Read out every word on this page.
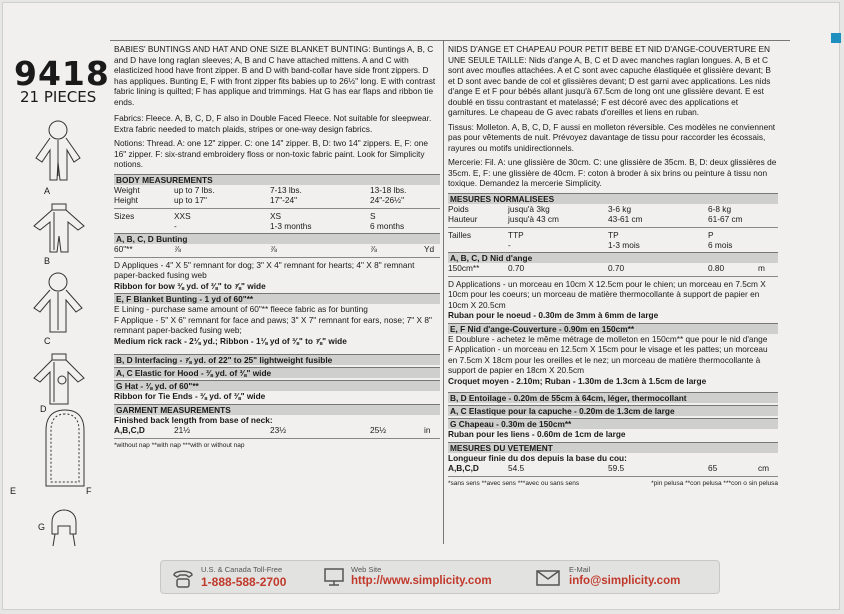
9418
21 PIECES
A
B
C
D
E	F
G
BABIES' BUNTINGS AND HAT AND ONE SIZE BLANKET BUNTING: Buntings A, B, C and D have long raglan sleeves; A, B and C have attached mittens. A and C with elasticized hood have front zipper. B and D with band-collar have side front zippers. D has appliques. Bunting E, F with front zipper fits babies up to 26½" long. E with contrast fabric lining is quilted; F has applique and trimmings. Hat G has ear flaps and ribbon tie ends.
Fabrics: Fleece. A, B, C, D, F also in Double Faced Fleece. Not suitable for sleepwear. Extra fabric needed to match plaids, stripes or one-way design fabrics.
Notions: Thread. A: one 12" zipper. C: one 14" zipper. B, D: two 14" zippers. E, F: one 16" zipper. F: six-strand embroidery floss or non-toxic fabric paint. Look for Simplicity notions.
BODY MEASUREMENTS
Weight	up to 7 lbs.	7-13 lbs.	13-18 lbs.
Height	up to 17"	17"-24"	24"-26½"
Sizes	XXS	XS	S
	-	1-3 months	6 months
A, B, C, D Bunting
60"**	⅞	⅞	⅞	Yd
D Appliques - 4" X 5" remnant for dog; 3" X 4" remnant for hearts; 4" X 8" remnant paper-backed fusing web
Ribbon for bow ⅜ yd. of ⅜" to ⅞" wide
E, F Blanket Bunting - 1 yd of 60"**
E Lining - purchase same amount of 60"** fleece fabric as for bunting
F Applique - 5" X 6" remnant for face and paws; 3" X 7" remnant for ears, nose; 7" X 8" remnant paper-backed fusing web;
Medium rick rack - 2⅛ yd.; Ribbon - 1⅛ yd of ⅜" to ⅞" wide
B, D Interfacing - ⅞ yd. of 22" to 25" lightweight fusible
A, C Elastic for Hood - ⅜ yd. of ⅜" wide
G Hat - ⅜ yd. of 60"**
Ribbon for Tie Ends - ⅜ yd. of ⅜" wide
GARMENT MEASUREMENTS
Finished back length from base of neck:
A,B,C,D	21½	23½	25½	in
*without nap **with nap ***with or without nap
NIDS D'ANGE ET CHAPEAU POUR PETIT BEBE ET NID D'ANGE-COUVERTURE EN UNE SEULE TAILLE: Nids d'ange A, B, C et D avec manches raglan longues. A, B et C sont avec moufles attachées. A et C sont avec capuche élastiquée et glissière devant; B et D sont avec bande de col et glissières devant; D est garni avec applications. Les nids d'ange E et F pour bébés allant jusqu'à 67.5cm de long ont une glissière devant. E est doublé en tissu contrastant et matelassé; F est décoré avec des applications et garnitures. Le chapeau de G avec rabats d'oreilles et liens en ruban.
Tissus: Molleton. A, B, C, D, F aussi en molleton réversible. Ces modèles ne conviennent pas pour vêtements de nuit. Prévoyez davantage de tissu pour raccorder les écossais, rayures ou motifs unidirectionnels.
Mercerie: Fil. A: une glissière de 30cm. C: une glissière de 35cm. B, D: deux glissières de 35cm. E, F: une glissière de 40cm. F: coton à broder à six brins ou peinture à tissu non toxique. Demandez la mercerie Simplicity.
MESURES NORMALISEES
Poids	jusqu'à 3kg	3-6 kg	6-8 kg
Hauteur	jusqu'à 43 cm	43-61 cm	61-67 cm
Tailles	TTP	TP	P
	-	1-3 mois	6 mois
A, B, C, D Nid d'ange
150cm**	0.70	0.70	0.80	m
D Applications - un morceau en 10cm X 12.5cm pour le chien; un morceau en 7.5cm X 10cm pour les coeurs; un morceau de matière thermocollante à support de papier en 10cm X 20.5cm
Ruban pour le noeud - 0.30m de 3mm à 6mm de large
E, F Nid d'ange-Couverture - 0.90m en 150cm**
E Doublure - achetez le même métrage de molleton en 150cm** que pour le nid d'ange
F Application - un morceau en 12.5cm X 15cm pour le visage et les pattes; un morceau en 7.5cm X 18cm pour les oreilles et le nez; un morceau de matière thermocollante à support de papier en 18cm X 20.5cm
Croquet moyen - 2.10m; Ruban - 1.30m de 1.3cm à 1.5cm de large
B, D Entoilage - 0.20m de 55cm à 64cm, léger, thermocollant
A, C Elastique pour la capuche - 0.20m de 1.3cm de large
G Chapeau - 0.30m de 150cm**
Ruban pour les liens - 0.60m de 1cm de large
MESURES DU VETEMENT
Longueur finie du dos depuis la base du cou:
A,B,C,D	54.5	59.5	65	cm
*sans sens **avec sens ***avec ou sans sens	*pin pelusa **con pelusa ***con o sin pelusa
U.S. & Canada Toll-Free
1-888-588-2700
Web Site
http://www.simplicity.com
E-Mail
info@simplicity.com
